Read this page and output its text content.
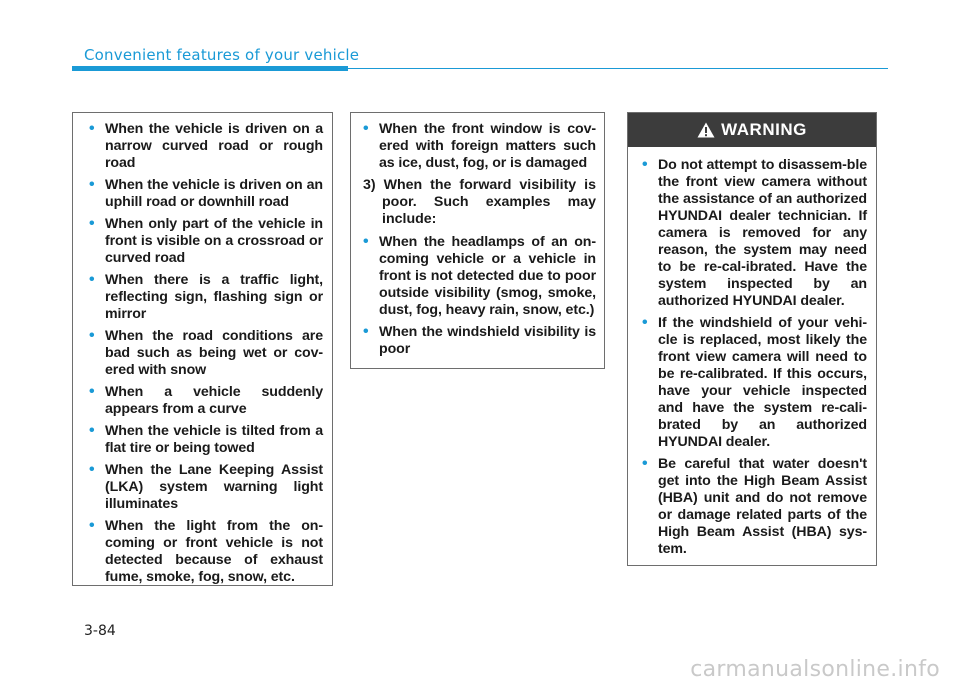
Convenient features of your vehicle
• When the vehicle is driven on a narrow curved road or rough road
• When the vehicle is driven on an uphill road or downhill road
• When only part of the vehicle in front is visible on a crossroad or curved road
• When there is a traffic light, reflecting sign, flashing sign or mirror
• When the road conditions are bad such as being wet or cov-ered with snow
• When a vehicle suddenly appears from a curve
• When the vehicle is tilted from a flat tire or being towed
• When the Lane Keeping Assist (LKA) system warning light illuminates
• When the light from the on-coming or front vehicle is not detected because of exhaust fume, smoke, fog, snow, etc.
• When the front window is cov-ered with foreign matters such as ice, dust, fog, or is damaged
3) When the forward visibility is poor. Such examples may include:
• When the headlamps of an on-coming vehicle or a vehicle in front is not detected due to poor outside visibility (smog, smoke, dust, fog, heavy rain, snow, etc.)
• When the windshield visibility is poor
WARNING
• Do not attempt to disassem-ble the front view camera without the assistance of an authorized HYUNDAI dealer technician. If camera is removed for any reason, the system may need to be re-cal-ibrated. Have the system inspected by an authorized HYUNDAI dealer.
• If the windshield of your vehi-cle is replaced, most likely the front view camera will need to be re-calibrated. If this occurs, have your vehicle inspected and have the system re-cali-brated by an authorized HYUNDAI dealer.
• Be careful that water doesn't get into the High Beam Assist (HBA) unit and do not remove or damage related parts of the High Beam Assist (HBA) sys-tem.
3-84
carmanualsonline.info
